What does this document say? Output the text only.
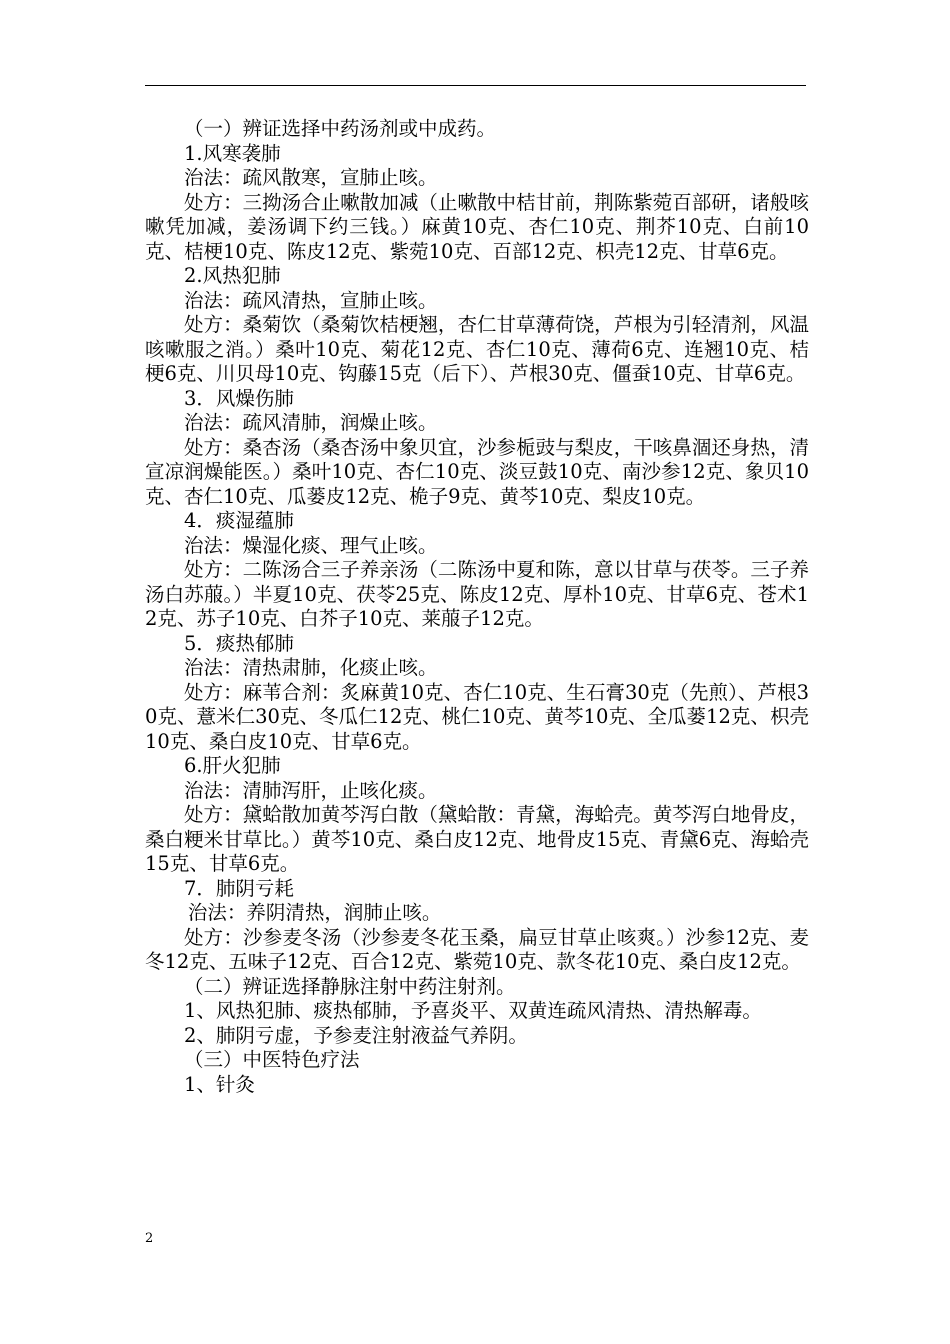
（一）辨证选择中药汤剂或中成药。

1.风寒袭肺

治法：疏风散寒，宣肺止咳。

处方：三拗汤合止嗽散加减（止嗽散中桔甘前，荆陈紫菀百部研，诸般咳嗽凭加减，姜汤调下约三钱。）麻黄10克、杏仁10克、荆芥10克、白前10克、桔梗10克、陈皮12克、紫菀10克、百部12克、枳壳12克、甘草6克。

2.风热犯肺

治法：疏风清热，宣肺止咳。

处方：桑菊饮（桑菊饮桔梗翘，杏仁甘草薄荷饶，芦根为引轻清剂，风温咳嗽服之消。）桑叶10克、菊花12克、杏仁10克、薄荷6克、连翘10克、桔梗6克、川贝母10克、钩藤15克（后下）、芦根30克、僵蚕10克、甘草6克。

3．风燥伤肺

治法：疏风清肺，润燥止咳。

处方：桑杏汤（桑杏汤中象贝宜，沙参栀豉与梨皮，干咳鼻涸还身热，清宣凉润燥能医。）桑叶10克、杏仁10克、淡豆鼓10克、南沙参12克、象贝10克、杏仁10克、瓜蒌皮12克、桅子9克、黄芩10克、梨皮10克。

4．痰湿蕴肺

治法：燥湿化痰、理气止咳。

处方：二陈汤合三子养亲汤（二陈汤中夏和陈，意以甘草与茯苓。三子养汤白苏菔。）半夏10克、茯苓25克、陈皮12克、厚朴10克、甘草6克、苍术12克、苏子10克、白芥子10克、莱菔子12克。

5．痰热郁肺

治法：清热肃肺，化痰止咳。

处方：麻苇合剂：炙麻黄10克、杏仁10克、生石膏30克（先煎）、芦根30克、薏米仁30克、冬瓜仁12克、桃仁10克、黄芩10克、全瓜蒌12克、枳壳10克、桑白皮10克、甘草6克。

6.肝火犯肺

治法：清肺泻肝，止咳化痰。

处方：黛蛤散加黄芩泻白散（黛蛤散：青黛，海蛤壳。黄芩泻白地骨皮，桑白粳米甘草比。）黄芩10克、桑白皮12克、地骨皮15克、青黛6克、海蛤壳15克、甘草6克。

7．肺阴亏耗

治法：养阴清热，润肺止咳。

处方：沙参麦冬汤（沙参麦冬花玉桑，扁豆甘草止咳爽。）沙参12克、麦冬12克、五味子12克、百合12克、紫菀10克、款冬花10克、桑白皮12克。

（二）辨证选择静脉注射中药注射剂。

1、风热犯肺、痰热郁肺，予喜炎平、双黄连疏风清热、清热解毒。

2、肺阴亏虚，予参麦注射液益气养阴。

（三）中医特色疗法

1、针灸

2
